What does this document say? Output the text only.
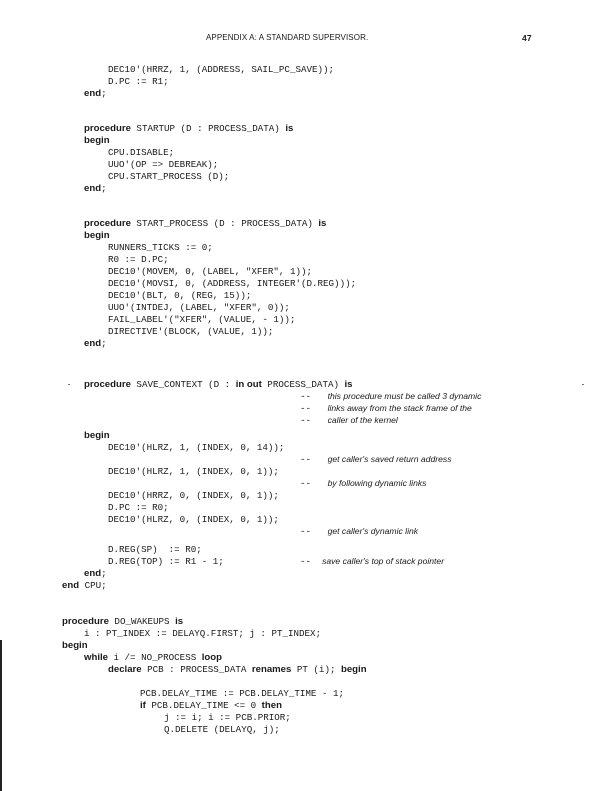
APPENDIX A: A STANDARD SUPERVISOR.	47
DEC10'(HRRZ, 1, (ADDRESS, SAIL_PC_SAVE));
D.PC := R1;
end;
procedure STARTUP (D : PROCESS_DATA) is
begin
CPU.DISABLE;
UUO'(OP => DEBREAK);
CPU.START_PROCESS (D);
end;
procedure START_PROCESS (D : PROCESS_DATA) is
begin
RUNNERS_TICKS := 0;
R0 := D.PC;
DEC10'(MOVEM, 0, (LABEL, "XFER", 1));
DEC10'(MOVSI, 0, (ADDRESS, INTEGER'(D.REG)));
DEC10'(BLT, 0, (REG, 15));
UUO'(INTDEJ, (LABEL, "XFER", 0));
FAIL_LABEL'("XFER", (VALUE, - 1));
DIRECTIVE'(BLOCK, (VALUE, 1));
end;
procedure SAVE_CONTEXT (D : in out PROCESS_DATA) is
--   this procedure must be called 3 dynamic
--   links away from the stack frame of the
--   caller of the kernel
begin
DEC10'(HLRZ, 1, (INDEX, 0, 14));
--   get caller's saved return address
DEC10'(HLRZ, 1, (INDEX, 0, 1));
--   by following dynamic links
DEC10'(HRRZ, 0, (INDEX, 0, 1));
D.PC := R0;
DEC10'(HLRZ, 0, (INDEX, 0, 1));
--   get caller's dynamic link
D.REG(SP)  := R0;
D.REG(TOP) := R1 - 1;	--  save caller's top of stack pointer
end;
end CPU;
procedure DO_WAKEUPS is
i : PT_INDEX := DELAYQ.FIRST; j : PT_INDEX;
begin
while i /= NO_PROCESS loop
declare PCB : PROCESS_DATA renames PT (i); begin
PCB.DELAY_TIME := PCB.DELAY_TIME - 1;
if PCB.DELAY_TIME <= 0 then
j := i; i := PCB.PRIOR;
Q.DELETE (DELAYQ, j);
